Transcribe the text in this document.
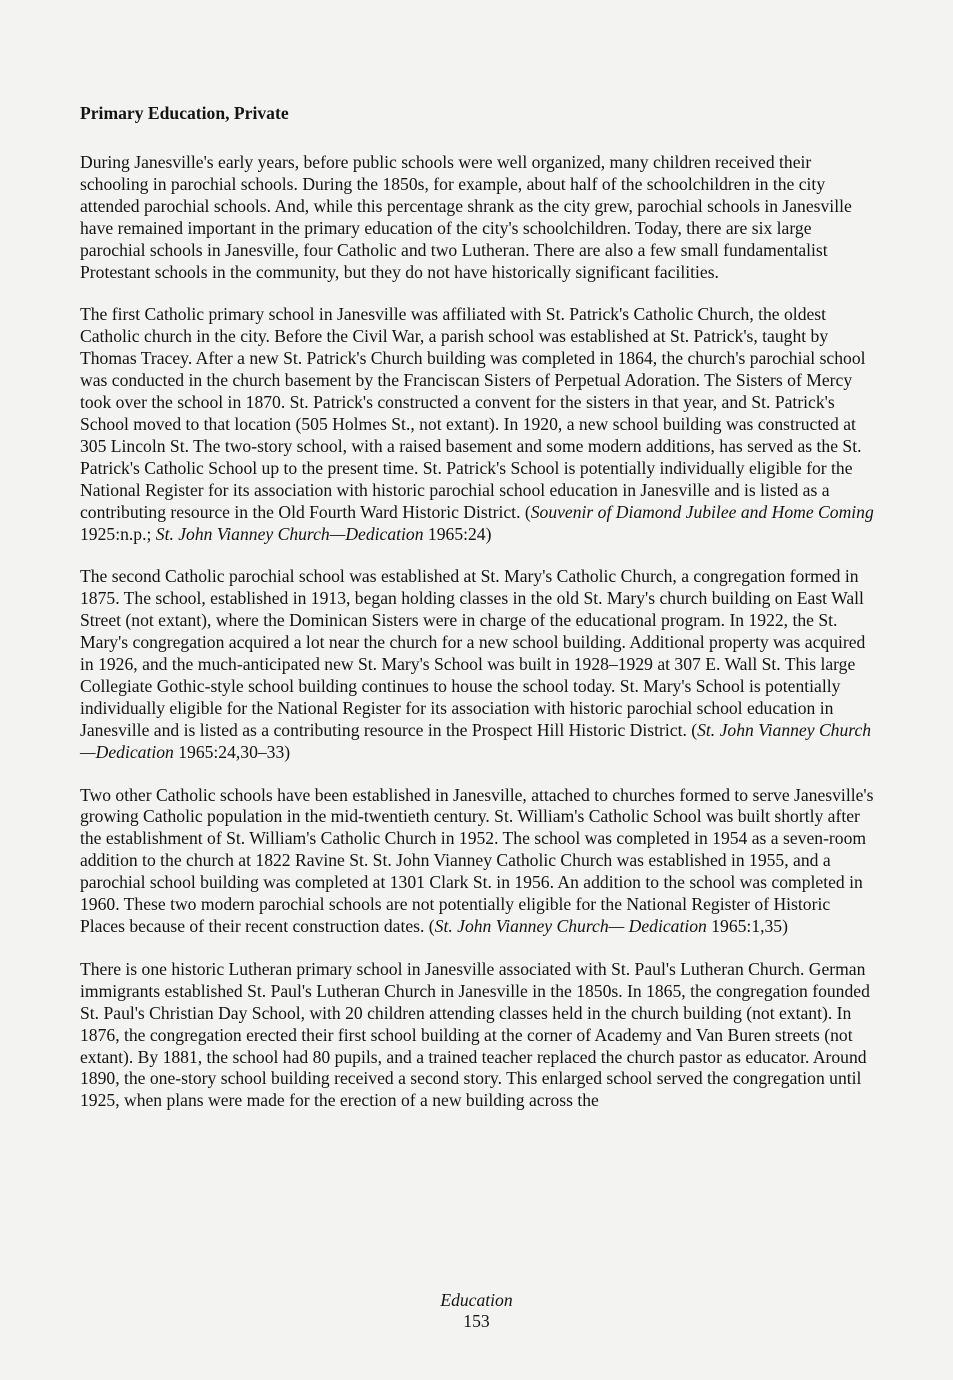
Primary Education, Private

During Janesville's early years, before public schools were well organized, many children received their schooling in parochial schools. During the 1850s, for example, about half of the schoolchildren in the city attended parochial schools. And, while this percentage shrank as the city grew, parochial schools in Janesville have remained important in the primary education of the city's schoolchildren. Today, there are six large parochial schools in Janesville, four Catholic and two Lutheran. There are also a few small fundamentalist Protestant schools in the community, but they do not have historically significant facilities.

The first Catholic primary school in Janesville was affiliated with St. Patrick's Catholic Church, the oldest Catholic church in the city. Before the Civil War, a parish school was established at St. Patrick's, taught by Thomas Tracey. After a new St. Patrick's Church building was completed in 1864, the church's parochial school was conducted in the church basement by the Franciscan Sisters of Perpetual Adoration. The Sisters of Mercy took over the school in 1870. St. Patrick's constructed a convent for the sisters in that year, and St. Patrick's School moved to that location (505 Holmes St., not extant). In 1920, a new school building was constructed at 305 Lincoln St. The two-story school, with a raised basement and some modern additions, has served as the St. Patrick's Catholic School up to the present time. St. Patrick's School is potentially individually eligible for the National Register for its association with historic parochial school education in Janesville and is listed as a contributing resource in the Old Fourth Ward Historic District. (Souvenir of Diamond Jubilee and Home Coming 1925:n.p.; St. John Vianney Church—Dedication 1965:24)

The second Catholic parochial school was established at St. Mary's Catholic Church, a congregation formed in 1875. The school, established in 1913, began holding classes in the old St. Mary's church building on East Wall Street (not extant), where the Dominican Sisters were in charge of the educational program. In 1922, the St. Mary's congregation acquired a lot near the church for a new school building. Additional property was acquired in 1926, and the much-anticipated new St. Mary's School was built in 1928–1929 at 307 E. Wall St. This large Collegiate Gothic-style school building continues to house the school today. St. Mary's School is potentially individually eligible for the National Register for its association with historic parochial school education in Janesville and is listed as a contributing resource in the Prospect Hill Historic District. (St. John Vianney Church—Dedication 1965:24,30–33)

Two other Catholic schools have been established in Janesville, attached to churches formed to serve Janesville's growing Catholic population in the mid-twentieth century. St. William's Catholic School was built shortly after the establishment of St. William's Catholic Church in 1952. The school was completed in 1954 as a seven-room addition to the church at 1822 Ravine St. St. John Vianney Catholic Church was established in 1955, and a parochial school building was completed at 1301 Clark St. in 1956. An addition to the school was completed in 1960. These two modern parochial schools are not potentially eligible for the National Register of Historic Places because of their recent construction dates. (St. John Vianney Church— Dedication 1965:1,35)

There is one historic Lutheran primary school in Janesville associated with St. Paul's Lutheran Church. German immigrants established St. Paul's Lutheran Church in Janesville in the 1850s. In 1865, the congregation founded St. Paul's Christian Day School, with 20 children attending classes held in the church building (not extant). In 1876, the congregation erected their first school building at the corner of Academy and Van Buren streets (not extant). By 1881, the school had 80 pupils, and a trained teacher replaced the church pastor as educator. Around 1890, the one-story school building received a second story. This enlarged school served the congregation until 1925, when plans were made for the erection of a new building across the

Education
153
